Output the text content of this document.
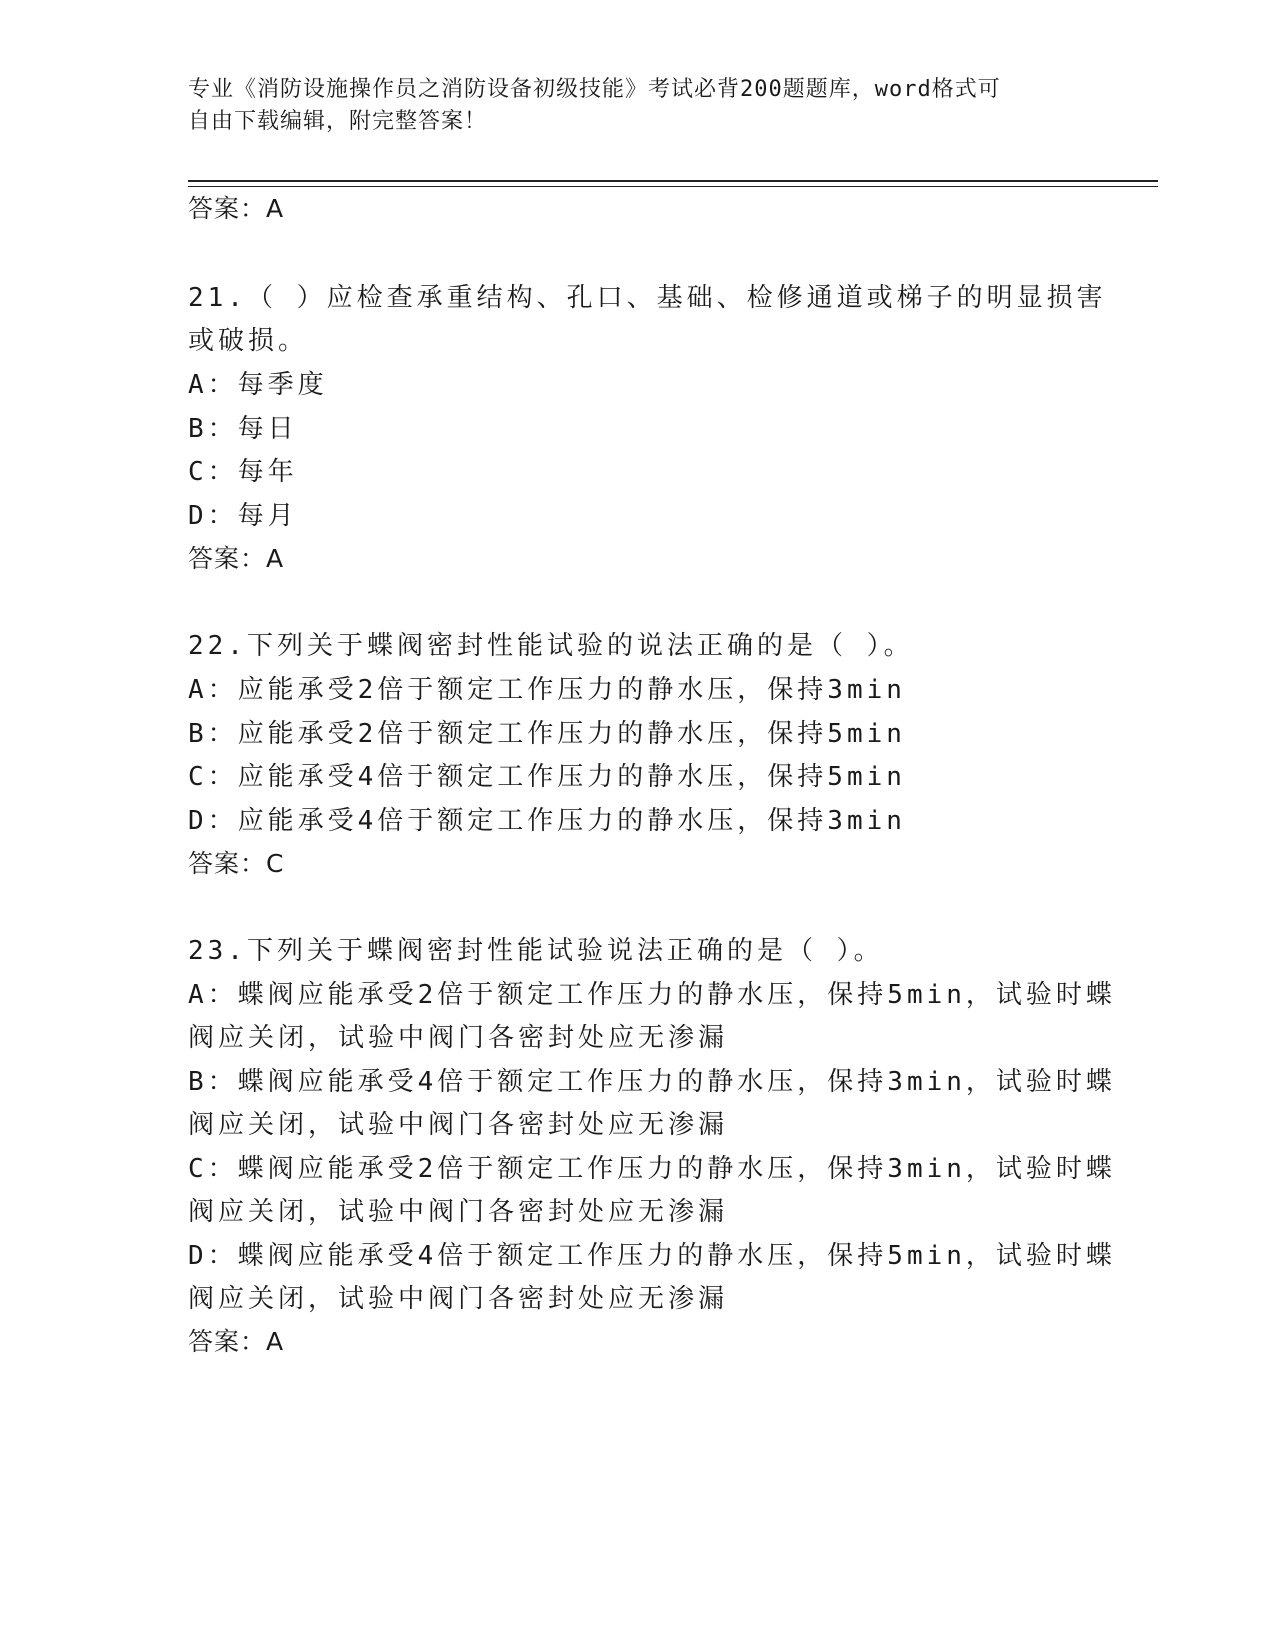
专业《消防设施操作员之消防设备初级技能》考试必背200题题库，word格式可
自由下载编辑，附完整答案！
答案：A
21.（ ）应检查承重结构、孔口、基础、检修通道或梯子的明显损害
或破损。
A：每季度
B：每日
C：每年
D：每月
答案：A
22.下列关于蝶阀密封性能试验的说法正确的是（ ）。
A：应能承受2倍于额定工作压力的静水压，保持3min
B：应能承受2倍于额定工作压力的静水压，保持5min
C：应能承受4倍于额定工作压力的静水压，保持5min
D：应能承受4倍于额定工作压力的静水压，保持3min
答案：C
23.下列关于蝶阀密封性能试验说法正确的是（ ）。
A：蝶阀应能承受2倍于额定工作压力的静水压，保持5min，试验时蝶
阀应关闭，试验中阀门各密封处应无渗漏
B：蝶阀应能承受4倍于额定工作压力的静水压，保持3min，试验时蝶
阀应关闭，试验中阀门各密封处应无渗漏
C：蝶阀应能承受2倍于额定工作压力的静水压，保持3min，试验时蝶
阀应关闭，试验中阀门各密封处应无渗漏
D：蝶阀应能承受4倍于额定工作压力的静水压，保持5min，试验时蝶
阀应关闭，试验中阀门各密封处应无渗漏
答案：A
